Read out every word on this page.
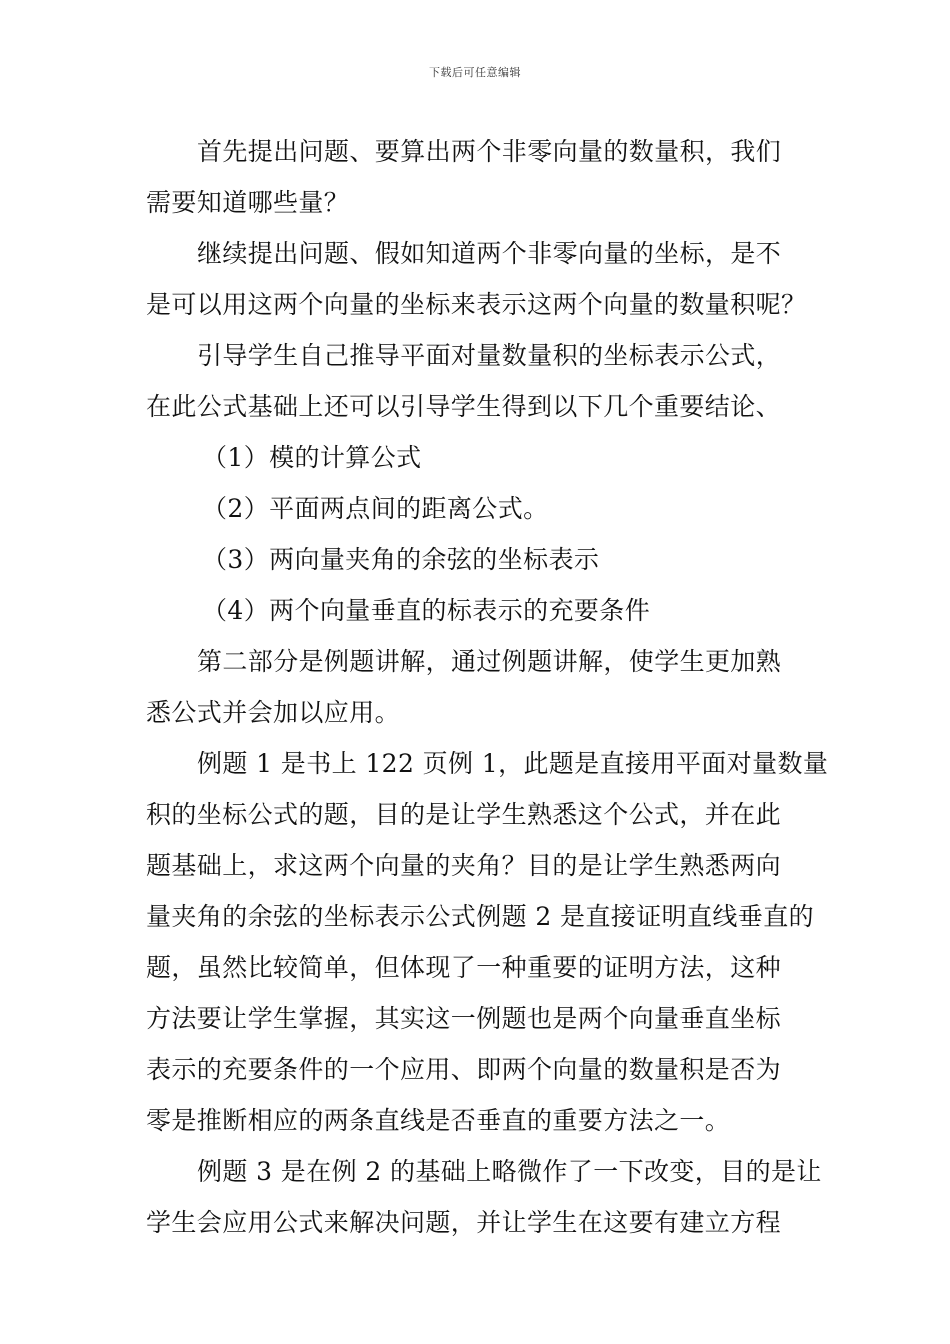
下载后可任意编辑
首先提出问题、要算出两个非零向量的数量积，我们
需要知道哪些量？
继续提出问题、假如知道两个非零向量的坐标，是不
是可以用这两个向量的坐标来表示这两个向量的数量积呢？
引导学生自己推导平面对量数量积的坐标表示公式，
在此公式基础上还可以引导学生得到以下几个重要结论、
（1）模的计算公式
（2）平面两点间的距离公式。
（3）两向量夹角的余弦的坐标表示
（4）两个向量垂直的标表示的充要条件
第二部分是例题讲解，通过例题讲解，使学生更加熟
悉公式并会加以应用。
例题 1 是书上 122 页例 1，此题是直接用平面对量数量
积的坐标公式的题，目的是让学生熟悉这个公式，并在此
题基础上，求这两个向量的夹角？目的是让学生熟悉两向
量夹角的余弦的坐标表示公式例题 2 是直接证明直线垂直的
题，虽然比较简单，但体现了一种重要的证明方法，这种
方法要让学生掌握，其实这一例题也是两个向量垂直坐标
表示的充要条件的一个应用、即两个向量的数量积是否为
零是推断相应的两条直线是否垂直的重要方法之一。
例题 3 是在例 2 的基础上略微作了一下改变，目的是让
学生会应用公式来解决问题，并让学生在这要有建立方程
